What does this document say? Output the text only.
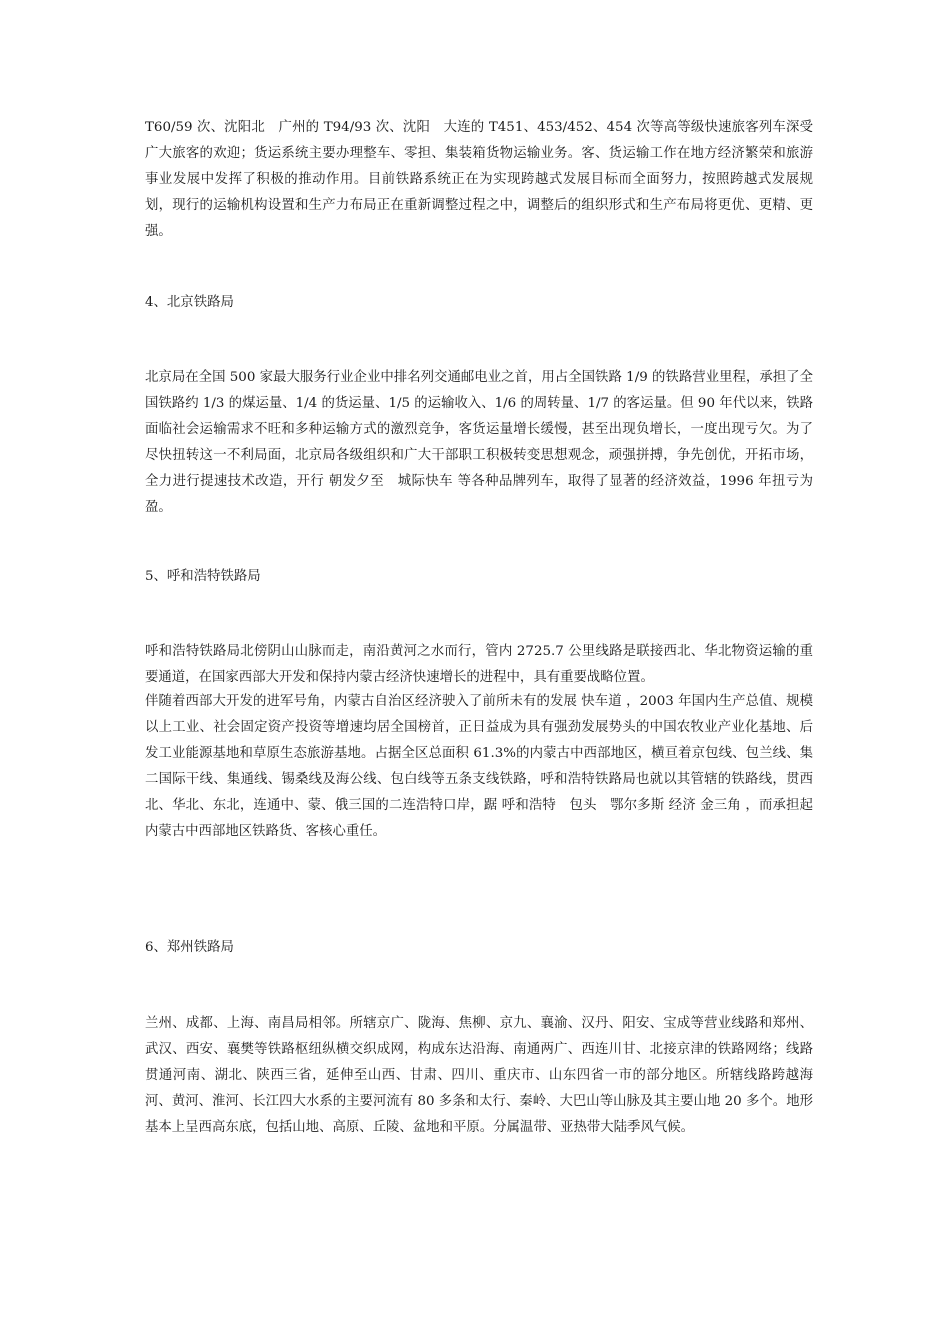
T60/59 次、沈阳北　广州的 T94/93 次、沈阳　大连的 T451、453/452、454 次等高等级快速旅客列车深受广大旅客的欢迎；货运系统主要办理整车、零担、集装箱货物运输业务。客、货运输工作在地方经济繁荣和旅游事业发展中发挥了积极的推动作用。目前铁路系统正在为实现跨越式发展目标而全面努力，按照跨越式发展规划，现行的运输机构设置和生产力布局正在重新调整过程之中，调整后的组织形式和生产布局将更优、更精、更强。

4、北京铁路局

北京局在全国 500 家最大服务行业企业中排名列交通邮电业之首，用占全国铁路 1/9 的铁路营业里程，承担了全国铁路约 1/3 的煤运量、1/4 的货运量、1/5 的运输收入、1/6 的周转量、1/7 的客运量。但 90 年代以来，铁路面临社会运输需求不旺和多种运输方式的激烈竞争，客货运量增长缓慢，甚至出现负增长，一度出现亏欠。为了尽快扭转这一不利局面，北京局各级组织和广大干部职工积极转变思想观念，顽强拼搏，争先创优，开拓市场，全力进行提速技术改造，开行 朝发夕至　城际快车 等各种品牌列车，取得了显著的经济效益，1996 年扭亏为盈。

5、呼和浩特铁路局

呼和浩特铁路局北傍阴山山脉而走，南沿黄河之水而行，管内 2725.7 公里线路是联接西北、华北物资运输的重要通道，在国家西部大开发和保持内蒙古经济快速增长的进程中，具有重要战略位置。

伴随着西部大开发的进军号角，内蒙古自治区经济驶入了前所未有的发展 快车道 ，2003 年国内生产总值、规模以上工业、社会固定资产投资等增速均居全国榜首，正日益成为具有强劲发展势头的中国农牧业产业化基地、后发工业能源基地和草原生态旅游基地。占据全区总面积 61.3%的内蒙古中西部地区，横亘着京包线、包兰线、集二国际干线、集通线、锡桑线及海公线、包白线等五条支线铁路，呼和浩特铁路局也就以其管辖的铁路线，贯西北、华北、东北，连通中、蒙、俄三国的二连浩特口岸，踞 呼和浩特　包头　鄂尔多斯 经济 金三角 ，而承担起内蒙古中西部地区铁路货、客核心重任。

6、郑州铁路局

兰州、成都、上海、南昌局相邻。所辖京广、陇海、焦柳、京九、襄渝、汉丹、阳安、宝成等营业线路和郑州、武汉、西安、襄樊等铁路枢纽纵横交织成网，构成东达沿海、南通两广、西连川甘、北接京津的铁路网络；线路贯通河南、湖北、陕西三省，延伸至山西、甘肃、四川、重庆市、山东四省一市的部分地区。所辖线路跨越海河、黄河、淮河、长江四大水系的主要河流有 80 多条和太行、秦岭、大巴山等山脉及其主要山地 20 多个。地形基本上呈西高东底，包括山地、高原、丘陵、盆地和平原。分属温带、亚热带大陆季风气候。
